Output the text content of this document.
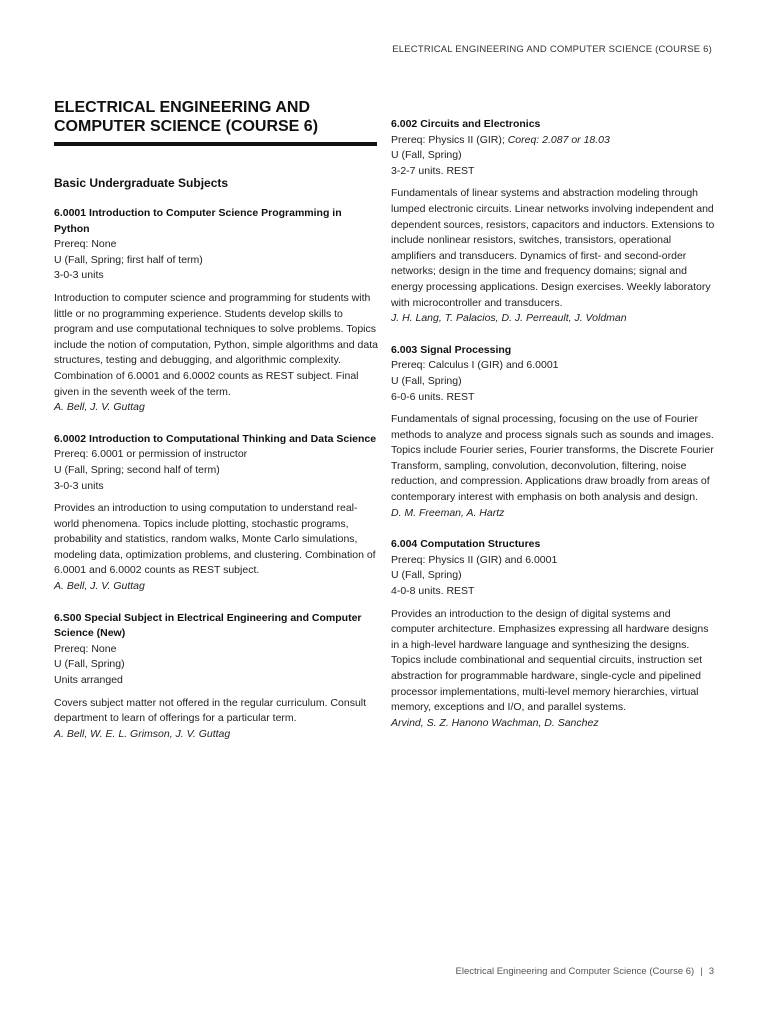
ELECTRICAL ENGINEERING AND COMPUTER SCIENCE (COURSE 6)
ELECTRICAL ENGINEERING AND COMPUTER SCIENCE (COURSE 6)
Basic Undergraduate Subjects
6.0001 Introduction to Computer Science Programming in Python
Prereq: None
U (Fall, Spring; first half of term)
3-0-3 units
Introduction to computer science and programming for students with little or no programming experience. Students develop skills to program and use computational techniques to solve problems. Topics include the notion of computation, Python, simple algorithms and data structures, testing and debugging, and algorithmic complexity. Combination of 6.0001 and 6.0002 counts as REST subject. Final given in the seventh week of the term.
A. Bell, J. V. Guttag
6.0002 Introduction to Computational Thinking and Data Science
Prereq: 6.0001 or permission of instructor
U (Fall, Spring; second half of term)
3-0-3 units
Provides an introduction to using computation to understand real-world phenomena. Topics include plotting, stochastic programs, probability and statistics, random walks, Monte Carlo simulations, modeling data, optimization problems, and clustering. Combination of 6.0001 and 6.0002 counts as REST subject.
A. Bell, J. V. Guttag
6.S00 Special Subject in Electrical Engineering and Computer Science (New)
Prereq: None
U (Fall, Spring)
Units arranged
Covers subject matter not offered in the regular curriculum. Consult department to learn of offerings for a particular term.
A. Bell, W. E. L. Grimson, J. V. Guttag
6.002 Circuits and Electronics
Prereq: Physics II (GIR); Coreq: 2.087 or 18.03
U (Fall, Spring)
3-2-7 units. REST
Fundamentals of linear systems and abstraction modeling through lumped electronic circuits. Linear networks involving independent and dependent sources, resistors, capacitors and inductors. Extensions to include nonlinear resistors, switches, transistors, operational amplifiers and transducers. Dynamics of first- and second-order networks; design in the time and frequency domains; signal and energy processing applications. Design exercises. Weekly laboratory with microcontroller and transducers.
J. H. Lang, T. Palacios, D. J. Perreault, J. Voldman
6.003 Signal Processing
Prereq: Calculus I (GIR) and 6.0001
U (Fall, Spring)
6-0-6 units. REST
Fundamentals of signal processing, focusing on the use of Fourier methods to analyze and process signals such as sounds and images. Topics include Fourier series, Fourier transforms, the Discrete Fourier Transform, sampling, convolution, deconvolution, filtering, noise reduction, and compression. Applications draw broadly from areas of contemporary interest with emphasis on both analysis and design.
D. M. Freeman, A. Hartz
6.004 Computation Structures
Prereq: Physics II (GIR) and 6.0001
U (Fall, Spring)
4-0-8 units. REST
Provides an introduction to the design of digital systems and computer architecture. Emphasizes expressing all hardware designs in a high-level hardware language and synthesizing the designs. Topics include combinational and sequential circuits, instruction set abstraction for programmable hardware, single-cycle and pipelined processor implementations, multi-level memory hierarchies, virtual memory, exceptions and I/O, and parallel systems.
Arvind, S. Z. Hanono Wachman, D. Sanchez
Electrical Engineering and Computer Science (Course 6) | 3
